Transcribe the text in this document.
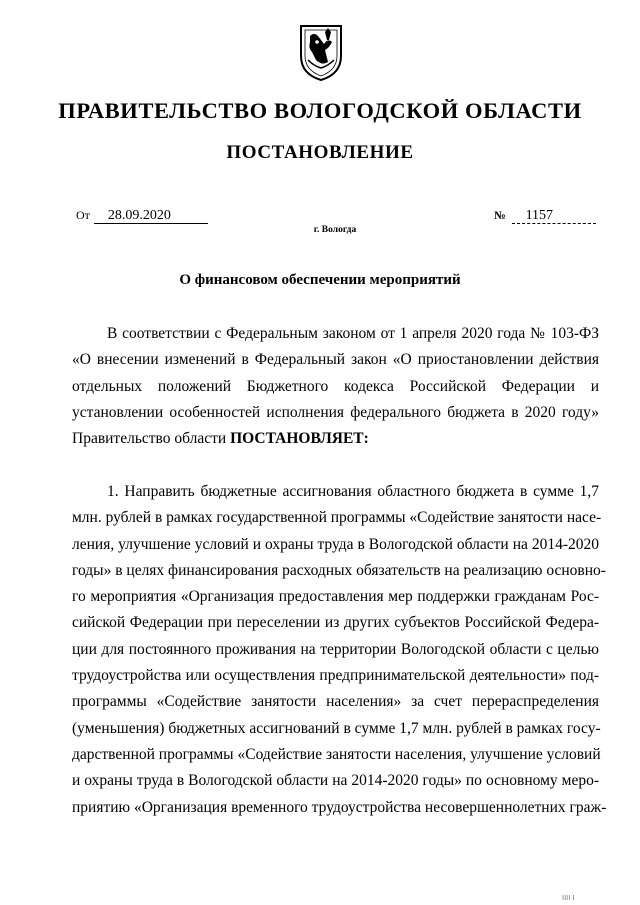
ПРАВИТЕЛЬСТВО ВОЛОГОДСКОЙ ОБЛАСТИ
ПОСТАНОВЛЕНИЕ
От 28.09.2020	№ 1157

г. Вологда

О финансовом обеспечении мероприятий

В соответствии с Федеральным законом от 1 апреля 2020 года № 103-ФЗ
«О внесении изменений в Федеральный закон «О приостановлении действия
отдельных положений Бюджетного кодекса Российской Федерации и
установлении особенностей исполнения федерального бюджета в 2020 году»
Правительство области ПОСТАНОВЛЯЕТ:
1. Направить бюджетные ассигнования областного бюджета в сумме 1,7
млн. рублей в рамках государственной программы «Содействие занятости насе-
ления, улучшение условий и охраны труда в Вологодской области на 2014-2020
годы» в целях финансирования расходных обязательств на реализацию основно-
го мероприятия «Организация предоставления мер поддержки гражданам Рос-
сийской Федерации при переселении из других субъектов Российской Федера-
ции для постоянного проживания на территории Вологодской области с целью
трудоустройства или осуществления предпринимательской деятельности» под-
программы «Содействие занятости населения» за счет перераспределения
(уменьшения) бюджетных ассигнований в сумме 1,7 млн. рублей в рамках госу-
дарственной программы «Содействие занятости населения, улучшение условий
и охраны труда в Вологодской области на 2014-2020 годы» по основному меро-
приятию «Организация временного трудоустройства несовершеннолетних граж-
ІІІІ І
